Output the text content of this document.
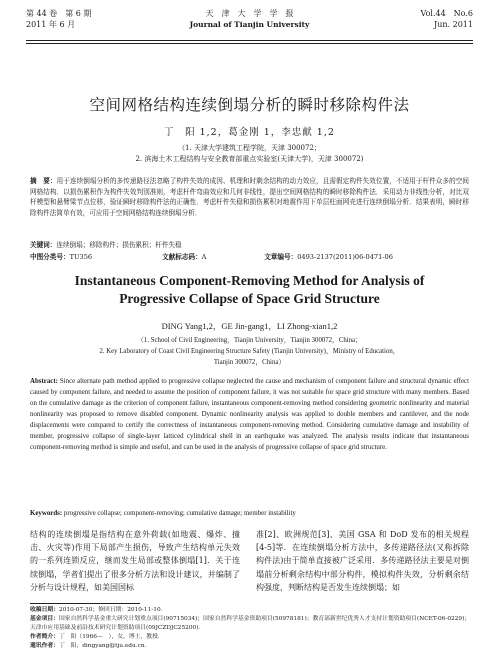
第 44 卷　第 6 期
2011 年 6 月
天　津　大　学　学　报
Journal of Tianjin University
Vol.44　No.6
Jun. 2011
空间网格结构连续倒塌分析的瞬时移除构件法
丁　阳 1,2，葛金刚 1，李忠献 1,2
（1. 天津大学建筑工程学院，天津 300072；
2. 滨海土木工程结构与安全教育部重点实验室(天津大学)，天津 300072)
摘　要：用于连续倒塌分析的多传递路径法忽略了构件失效的成因、机理和时剩余结构的动力效应，且需假定构件失效位置，不适用于杆件众多的空间网格结构．以损伤累积作为构件失效判别准则，考虑杆件弯曲效应和几何非线性，提出空间网格结构的瞬时移除构件法．采用动力非线性分析，对比双杆模型和悬臂梁节点位移，验证瞬时移除构件法的正确性．考虑杆件失稳和损伤累积对地震作用下单层柱面网壳进行连续倒塌分析．结果表明，瞬时移除构件法简单有效，可应用于空间网格结构连续倒塌分析．
关键词：连续倒塌；移除构件；损伤累积；杆件失稳
中图分类号：TU356	文献标志码：A	文章编号：0493-2137(2011)06-0471-06
Instantaneous Component-Removing Method for Analysis of
Progressive Collapse of Space Grid Structure
DING Yang1,2，GE Jin-gang1，LI Zhong-xian1,2
（1. School of Civil Engineering，Tianjin University，Tianjin 300072，China；
2. Key Laboratory of Coast Civil Engineering Structure Safety (Tianjin University)，Ministry of Education，
Tianjin 300072，China）
Abstract: Since alternate path method applied to progressive collapse neglected the cause and mechanism of component failure and structural dynamic effect caused by component failure, and needed to assume the position of component failure, it was not suitable for space grid structure with many members. Based on the cumulative damage as the criterion of component failure, instantaneous component-removing method considering geometric nonlinearity and material nonlinearity was proposed to remove disabled component. Dynamic nonlinearity analysis was applied to double members and cantilever, and the node displacements were compared to certify the correctness of instantaneous component-removing method. Considering cumulative damage and instability of member, progressive collapse of single-layer latticed cylindrical shell in an earthquake was analyzed. The analysis results indicate that instantaneous component-removing method is simple and useful, and can be used in the analysis of progressive collapse of space grid structure.
Keywords: progressive collapse; component-removing; cumulative damage; member instability
结构的连续倒塌是指结构在意外荷载(如地震、爆炸、撞击、火灾等)作用下局部产生损伤，导致产生结构单元失效的一系列连锁反应，继而发生局部或整体倒塌[1]．关于连续倒塌，学者们提出了很多分析方法和设计建议，并编制了分析与设计规程，如美国国标
准[2]、欧洲规范[3]、美国 GSA 和 DoD 发布的相关规程[4-5]等．在连续倒塌分析方法中，多传递路径法(又称拆除构件法)由于简单直接被广泛采用．多传递路径法主要是对倒塌前分析剩余结构中部分构件，模拟构件失效，分析剩余结构强度，判断结构是否发生连续倒塌；如
收稿日期：2010-07-30；修回日期：2010-11-10．
基金项目：国家自然科学基金重大研究计划重点项目(90715034)；国家自然科学基金资助项目(50978181)；教育部新世纪优秀人才支持计划资助项目(NCET-06-0229)；天津市应用基础及前沿技术研究计划资助项目(09JCZDJC25200)．
作者简介：丁　阳（1966—　），女，博士，教授．
通讯作者：丁　阳，dingyang@tju.edu.cn．
